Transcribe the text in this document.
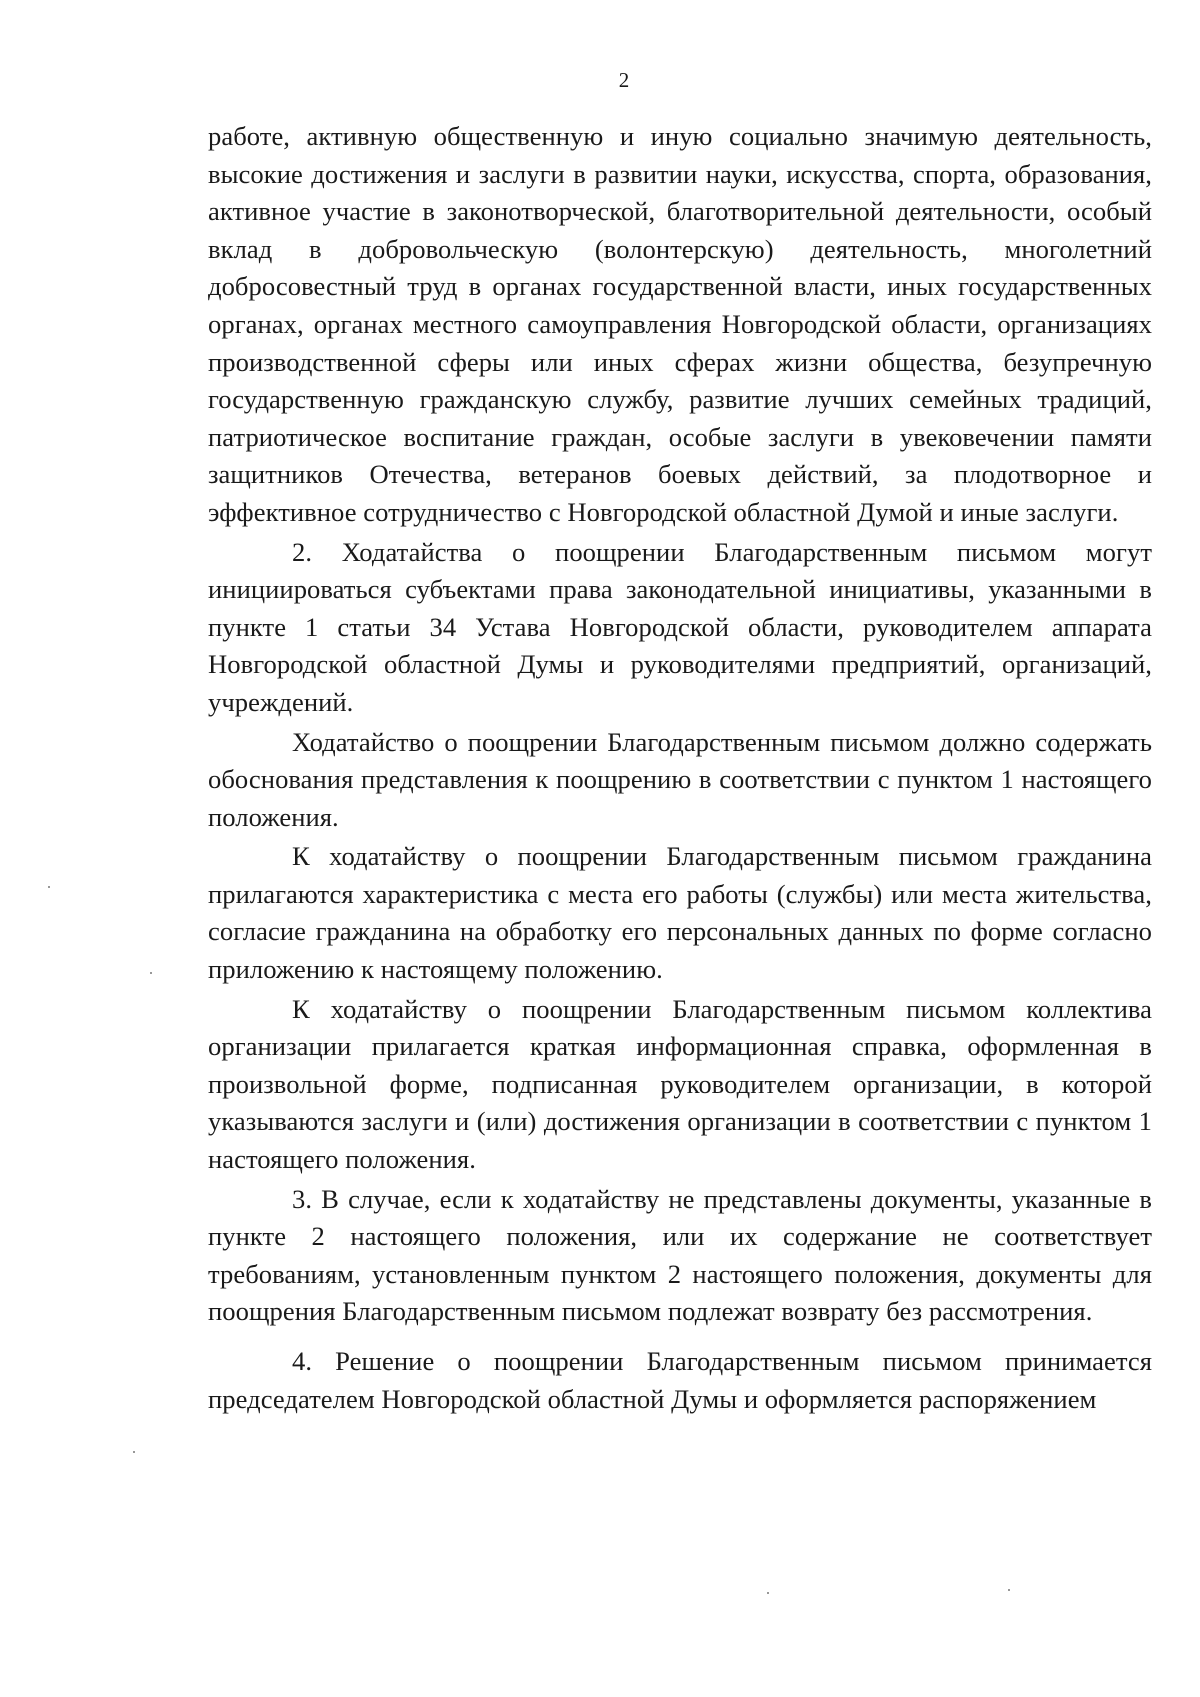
2

работе, активную общественную и иную социально значимую деятельность, высокие достижения и заслуги в развитии науки, искусства, спорта, образования, активное участие в законотворческой, благотворительной деятельности, особый вклад в добровольческую (волонтерскую) деятельность, многолетний добросовестный труд в органах государственной власти, иных государственных органах, органах местного самоуправления Новгородской области, организациях производственной сферы или иных сферах жизни общества, безупречную государственную гражданскую службу, развитие лучших семейных традиций, патриотическое воспитание граждан, особые заслуги в увековечении памяти защитников Отечества, ветеранов боевых действий, за плодотворное и эффективное сотрудничество с Новгородской областной Думой и иные заслуги.

2. Ходатайства о поощрении Благодарственным письмом могут инициироваться субъектами права законодательной инициативы, указанными в пункте 1 статьи 34 Устава Новгородской области, руководителем аппарата Новгородской областной Думы и руководителями предприятий, организаций, учреждений.

Ходатайство о поощрении Благодарственным письмом должно содержать обоснования представления к поощрению в соответствии с пунктом 1 настоящего положения.

К ходатайству о поощрении Благодарственным письмом гражданина прилагаются характеристика с места его работы (службы) или места жительства, согласие гражданина на обработку его персональных данных по форме согласно приложению к настоящему положению.

К ходатайству о поощрении Благодарственным письмом коллектива организации прилагается краткая информационная справка, оформленная в произвольной форме, подписанная руководителем организации, в которой указываются заслуги и (или) достижения организации в соответствии с пунктом 1 настоящего положения.

3. В случае, если к ходатайству не представлены документы, указанные в пункте 2 настоящего положения, или их содержание не соответствует требованиям, установленным пунктом 2 настоящего положения, документы для поощрения Благодарственным письмом подлежат возврату без рассмотрения.

4. Решение о поощрении Благодарственным письмом принимается председателем Новгородской областной Думы и оформляется распоряжением
